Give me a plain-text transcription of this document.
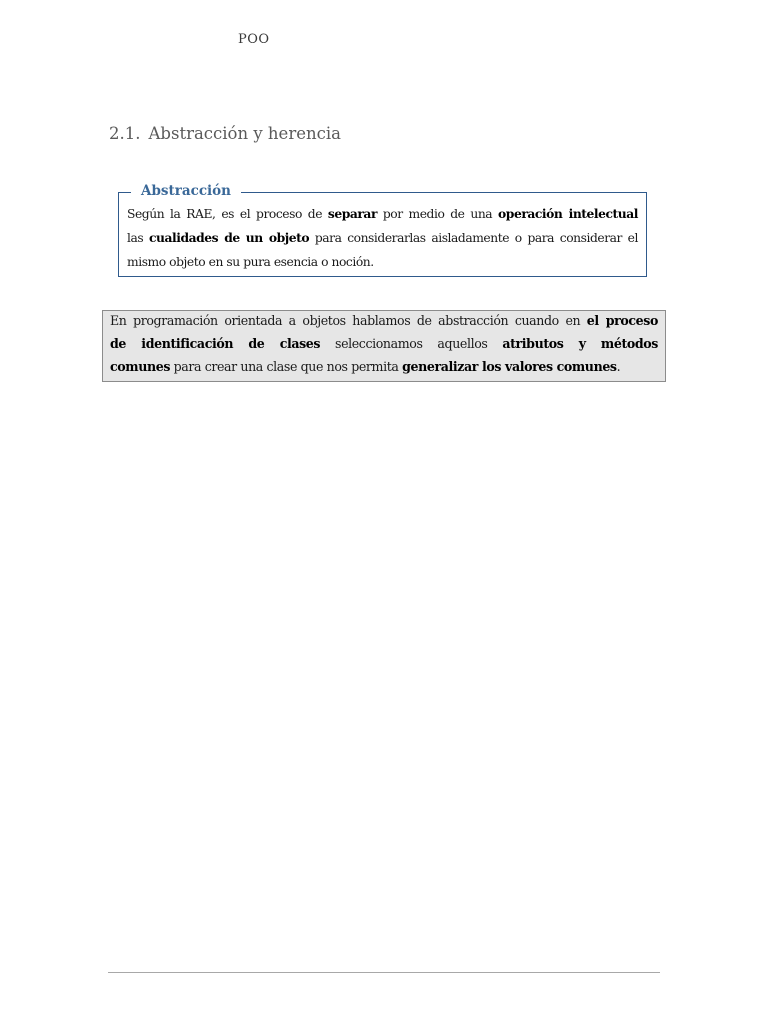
POO
2.1. Abstracción y herencia
Abstracción
Según la RAE, es el proceso de separar por medio de una operación intelectual
las cualidades de un objeto para considerarlas aisladamente o para considerar el
mismo objeto en su pura esencia o noción.
En programación orientada a objetos hablamos de abstracción cuando en el proceso
de identificación de clases seleccionamos aquellos atributos y métodos
comunes para crear una clase que nos permita generalizar los valores comunes.
